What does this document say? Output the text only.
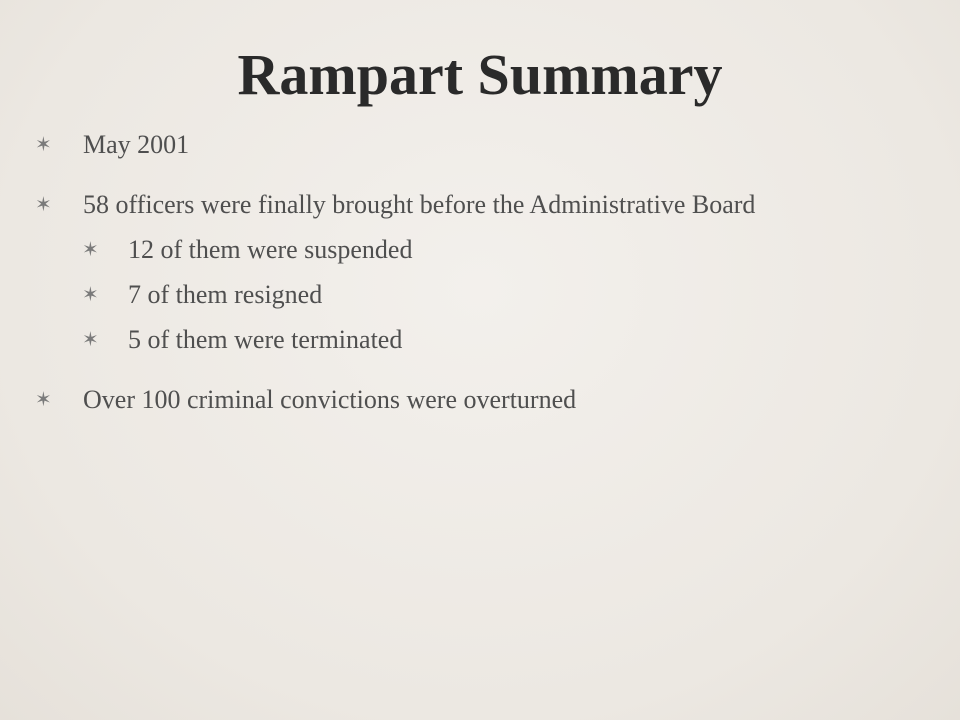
Rampart Summary
✶ May 2001
✶ 58 officers were finally brought before the Administrative Board
✶ 12 of them were suspended
✶ 7 of them resigned
✶ 5 of them were terminated
✶ Over 100 criminal convictions were overturned
